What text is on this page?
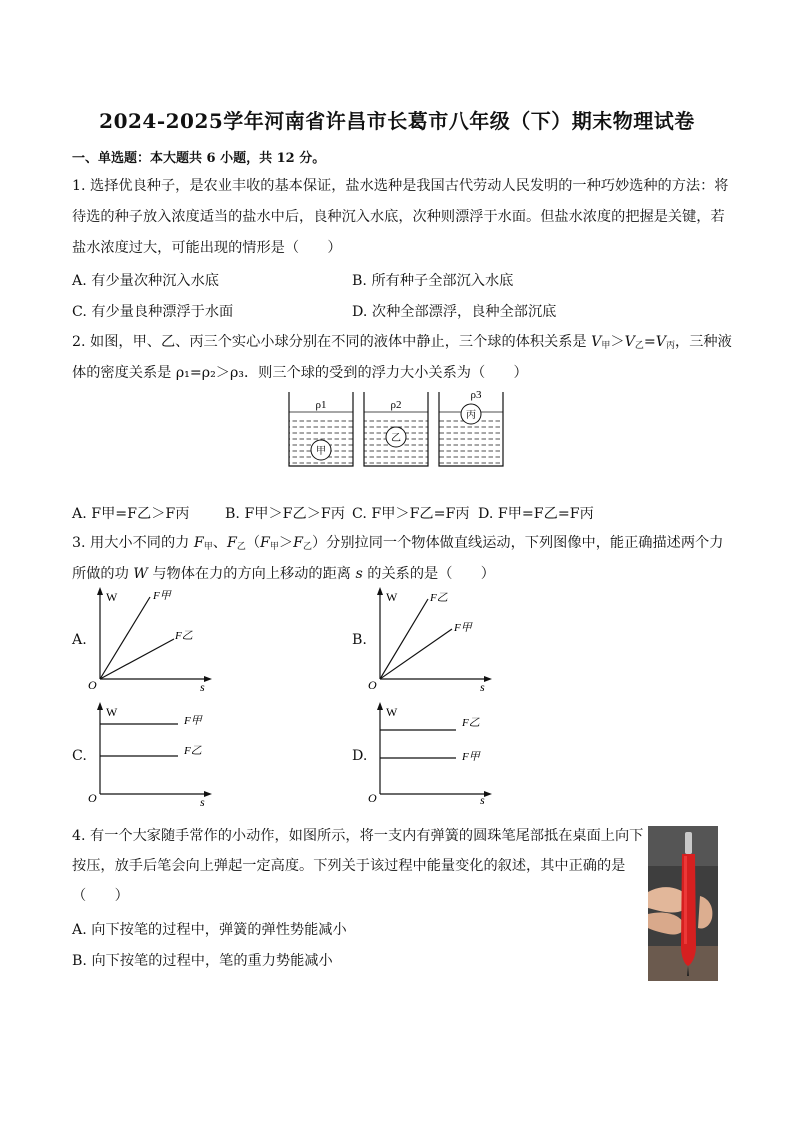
2024-2025学年河南省许昌市长葛市八年级（下）期末物理试卷
一、单选题：本大题共 6 小题，共 12 分。
1. 选择优良种子，是农业丰收的基本保证，盐水选种是我国古代劳动人民发明的一种巧妙选种的方法：将
待选的种子放入浓度适当的盐水中后，良种沉入水底，次种则漂浮于水面。但盐水浓度的把握是关键，若
盐水浓度过大，可能出现的情形是（　　）
A. 有少量次种沉入水底	B. 所有种子全部沉入水底
C. 有少量良种漂浮于水面	D. 次种全部漂浮，良种全部沉底
2. 如图，甲、乙、丙三个实心小球分别在不同的液体中静止，三个球的体积关系是 $V_甲>V_乙=V_丙$，三种液
体的密度关系是 ρ₁=ρ₂＞ρ₃．则三个球的受到的浮力大小关系为（　　）
ρ1
甲
ρ2
乙
ρ3
丙
A. F甲=F乙＞F丙	B. F甲＞F乙＞F丙 C. F甲＞F乙=F丙 D. F甲=F乙=F丙
3. 用大小不同的力 $F_甲$、$F_乙(F_甲>F_乙)$分别拉同一个物体做直线运动，下列图像中，能正确描述两个力
所做的功 W 与物体在力的方向上移动的距离 s 的关系的是（　　）
A.
W
s
O
F甲
F乙	B.
W
s
O
F乙
F甲
C.
W
s
O
F甲
F乙	D.
W
s
O
F乙
F甲
4. 有一个大家随手常作的小动作，如图所示，将一支内有弹簧的圆珠笔尾部抵在桌面上向下
按压，放手后笔会向上弹起一定高度。下列关于该过程中能量变化的叙述，其中正确的是
（　　）
A. 向下按笔的过程中，弹簧的弹性势能减小
B. 向下按笔的过程中，笔的重力势能减小
